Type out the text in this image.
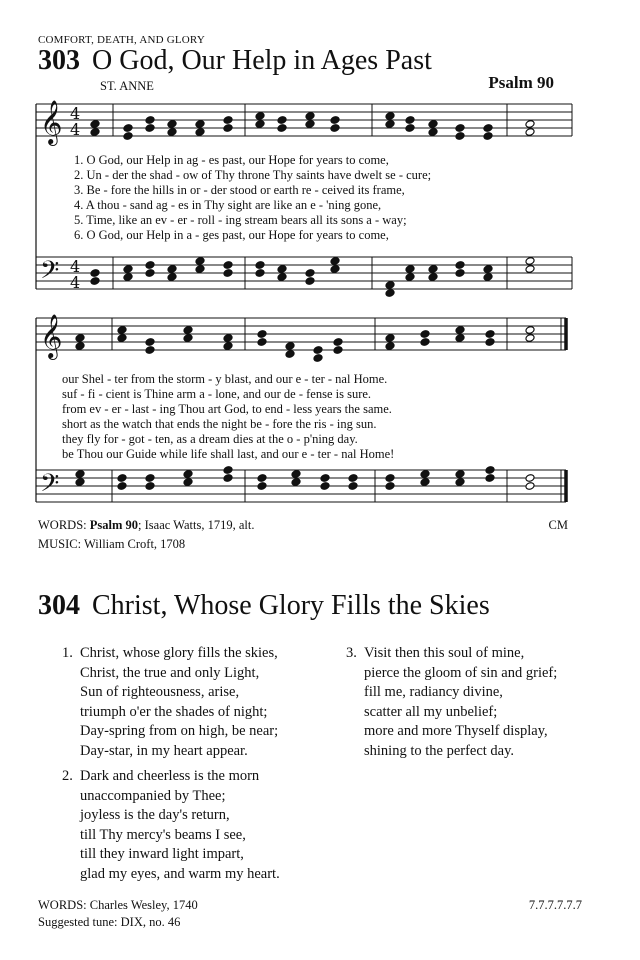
COMFORT, DEATH, AND GLORY
303 O God, Our Help in Ages Past
ST. ANNE	Psalm 90
𝄞
𝄢
4
4
4
4
𝄞
𝄢
1. O God, our Help in ag - es past, our Hope for years to come,
2. Un - der the shad - ow of Thy throne Thy saints have dwelt se - cure;
3. Be - fore the hills in or - der stood or earth re - ceived its frame,
4. A thou - sand ag - es in Thy sight are like an e - 'ning gone,
5. Time, like an ev - er - roll - ing stream bears all its sons a - way;
6. O God, our Help in a - ges past, our Hope for years to come,
our Shel - ter from the storm - y blast, and our e - ter - nal Home.
suf - fi - cient is Thine arm a - lone, and our de - fense is sure.
from ev - er - last - ing Thou art God, to end - less years the same.
short as the watch that ends the night be - fore the ris - ing sun.
they fly for - got - ten, as a dream dies at the o - p'ning day.
be Thou our Guide while life shall last, and our e - ter - nal Home!
WORDS: Psalm 90; Isaac Watts, 1719, alt.
MUSIC: William Croft, 1708
CM
304 Christ, Whose Glory Fills the Skies
1. Christ, whose glory fills the skies,
Christ, the true and only Light,
Sun of righteousness, arise,
triumph o'er the shades of night;
Day-spring from on high, be near;
Day-star, in my heart appear.
2. Dark and cheerless is the morn
unaccompanied by Thee;
joyless is the day's return,
till Thy mercy's beams I see,
till they inward light impart,
glad my eyes, and warm my heart.
3. Visit then this soul of mine,
pierce the gloom of sin and grief;
fill me, radiancy divine,
scatter all my unbelief;
more and more Thyself display,
shining to the perfect day.
WORDS: Charles Wesley, 1740
Suggested tune: DIX, no. 46
7.7.7.7.7.7
